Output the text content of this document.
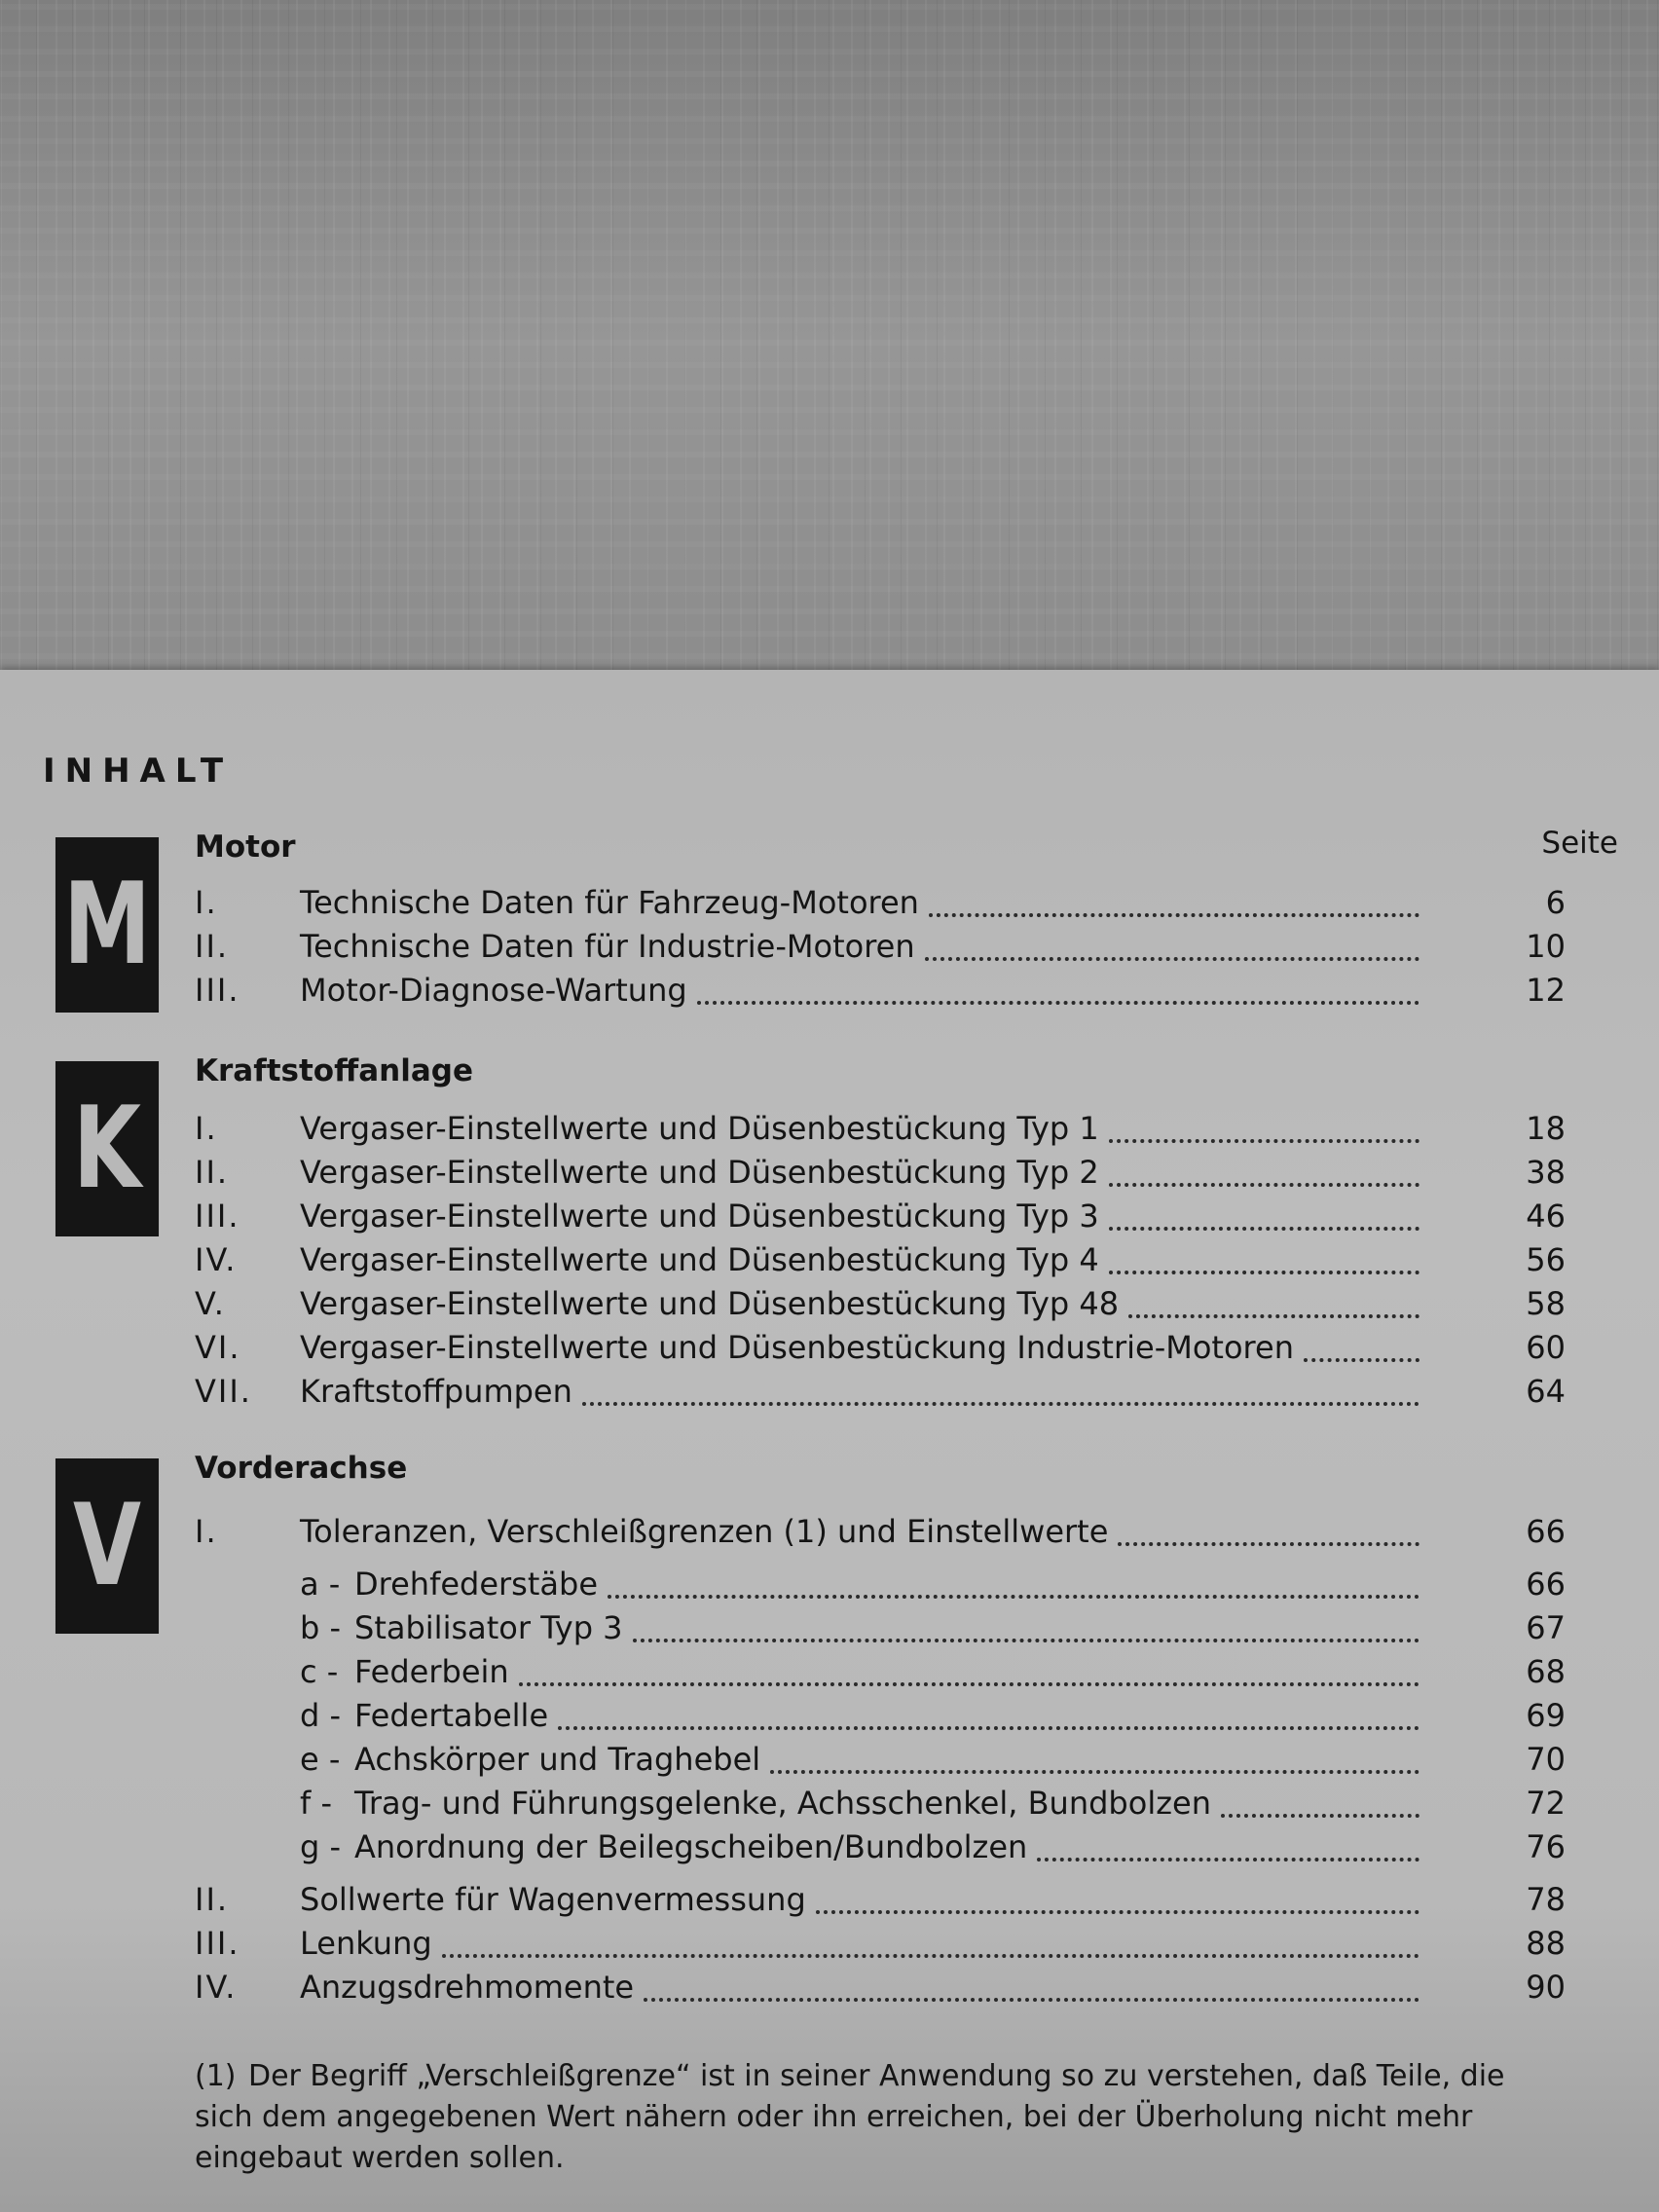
INHALT
Seite
M
Motor
I.	Technische Daten für Fahrzeug-Motoren	6
II.	Technische Daten für Industrie-Motoren	10
III.	Motor-Diagnose-Wartung	12
K
Kraftstoffanlage
I.	Vergaser-Einstellwerte und Düsenbestückung Typ 1	18
II.	Vergaser-Einstellwerte und Düsenbestückung Typ 2	38
III.	Vergaser-Einstellwerte und Düsenbestückung Typ 3	46
IV.	Vergaser-Einstellwerte und Düsenbestückung Typ 4	56
V.	Vergaser-Einstellwerte und Düsenbestückung Typ 48	58
VI.	Vergaser-Einstellwerte und Düsenbestückung Industrie-Motoren	60
VII.	Kraftstoffpumpen	64
V
Vorderachse
I.	Toleranzen, Verschleißgrenzen (1) und Einstellwerte	66
a - Drehfederstäbe	66
b - Stabilisator Typ 3	67
c - Federbein	68
d - Federtabelle	69
e - Achskörper und Traghebel	70
f - Trag- und Führungsgelenke, Achsschenkel, Bundbolzen	72
g - Anordnung der Beilegscheiben/Bundbolzen	76
II.	Sollwerte für Wagenvermessung	78
III.	Lenkung	88
IV.	Anzugsdrehmomente	90
(1) Der Begriff „Verschleißgrenze“ ist in seiner Anwendung so zu verstehen, daß Teile, die sich dem angegebenen Wert nähern oder ihn erreichen, bei der Überholung nicht mehr eingebaut werden sollen.
